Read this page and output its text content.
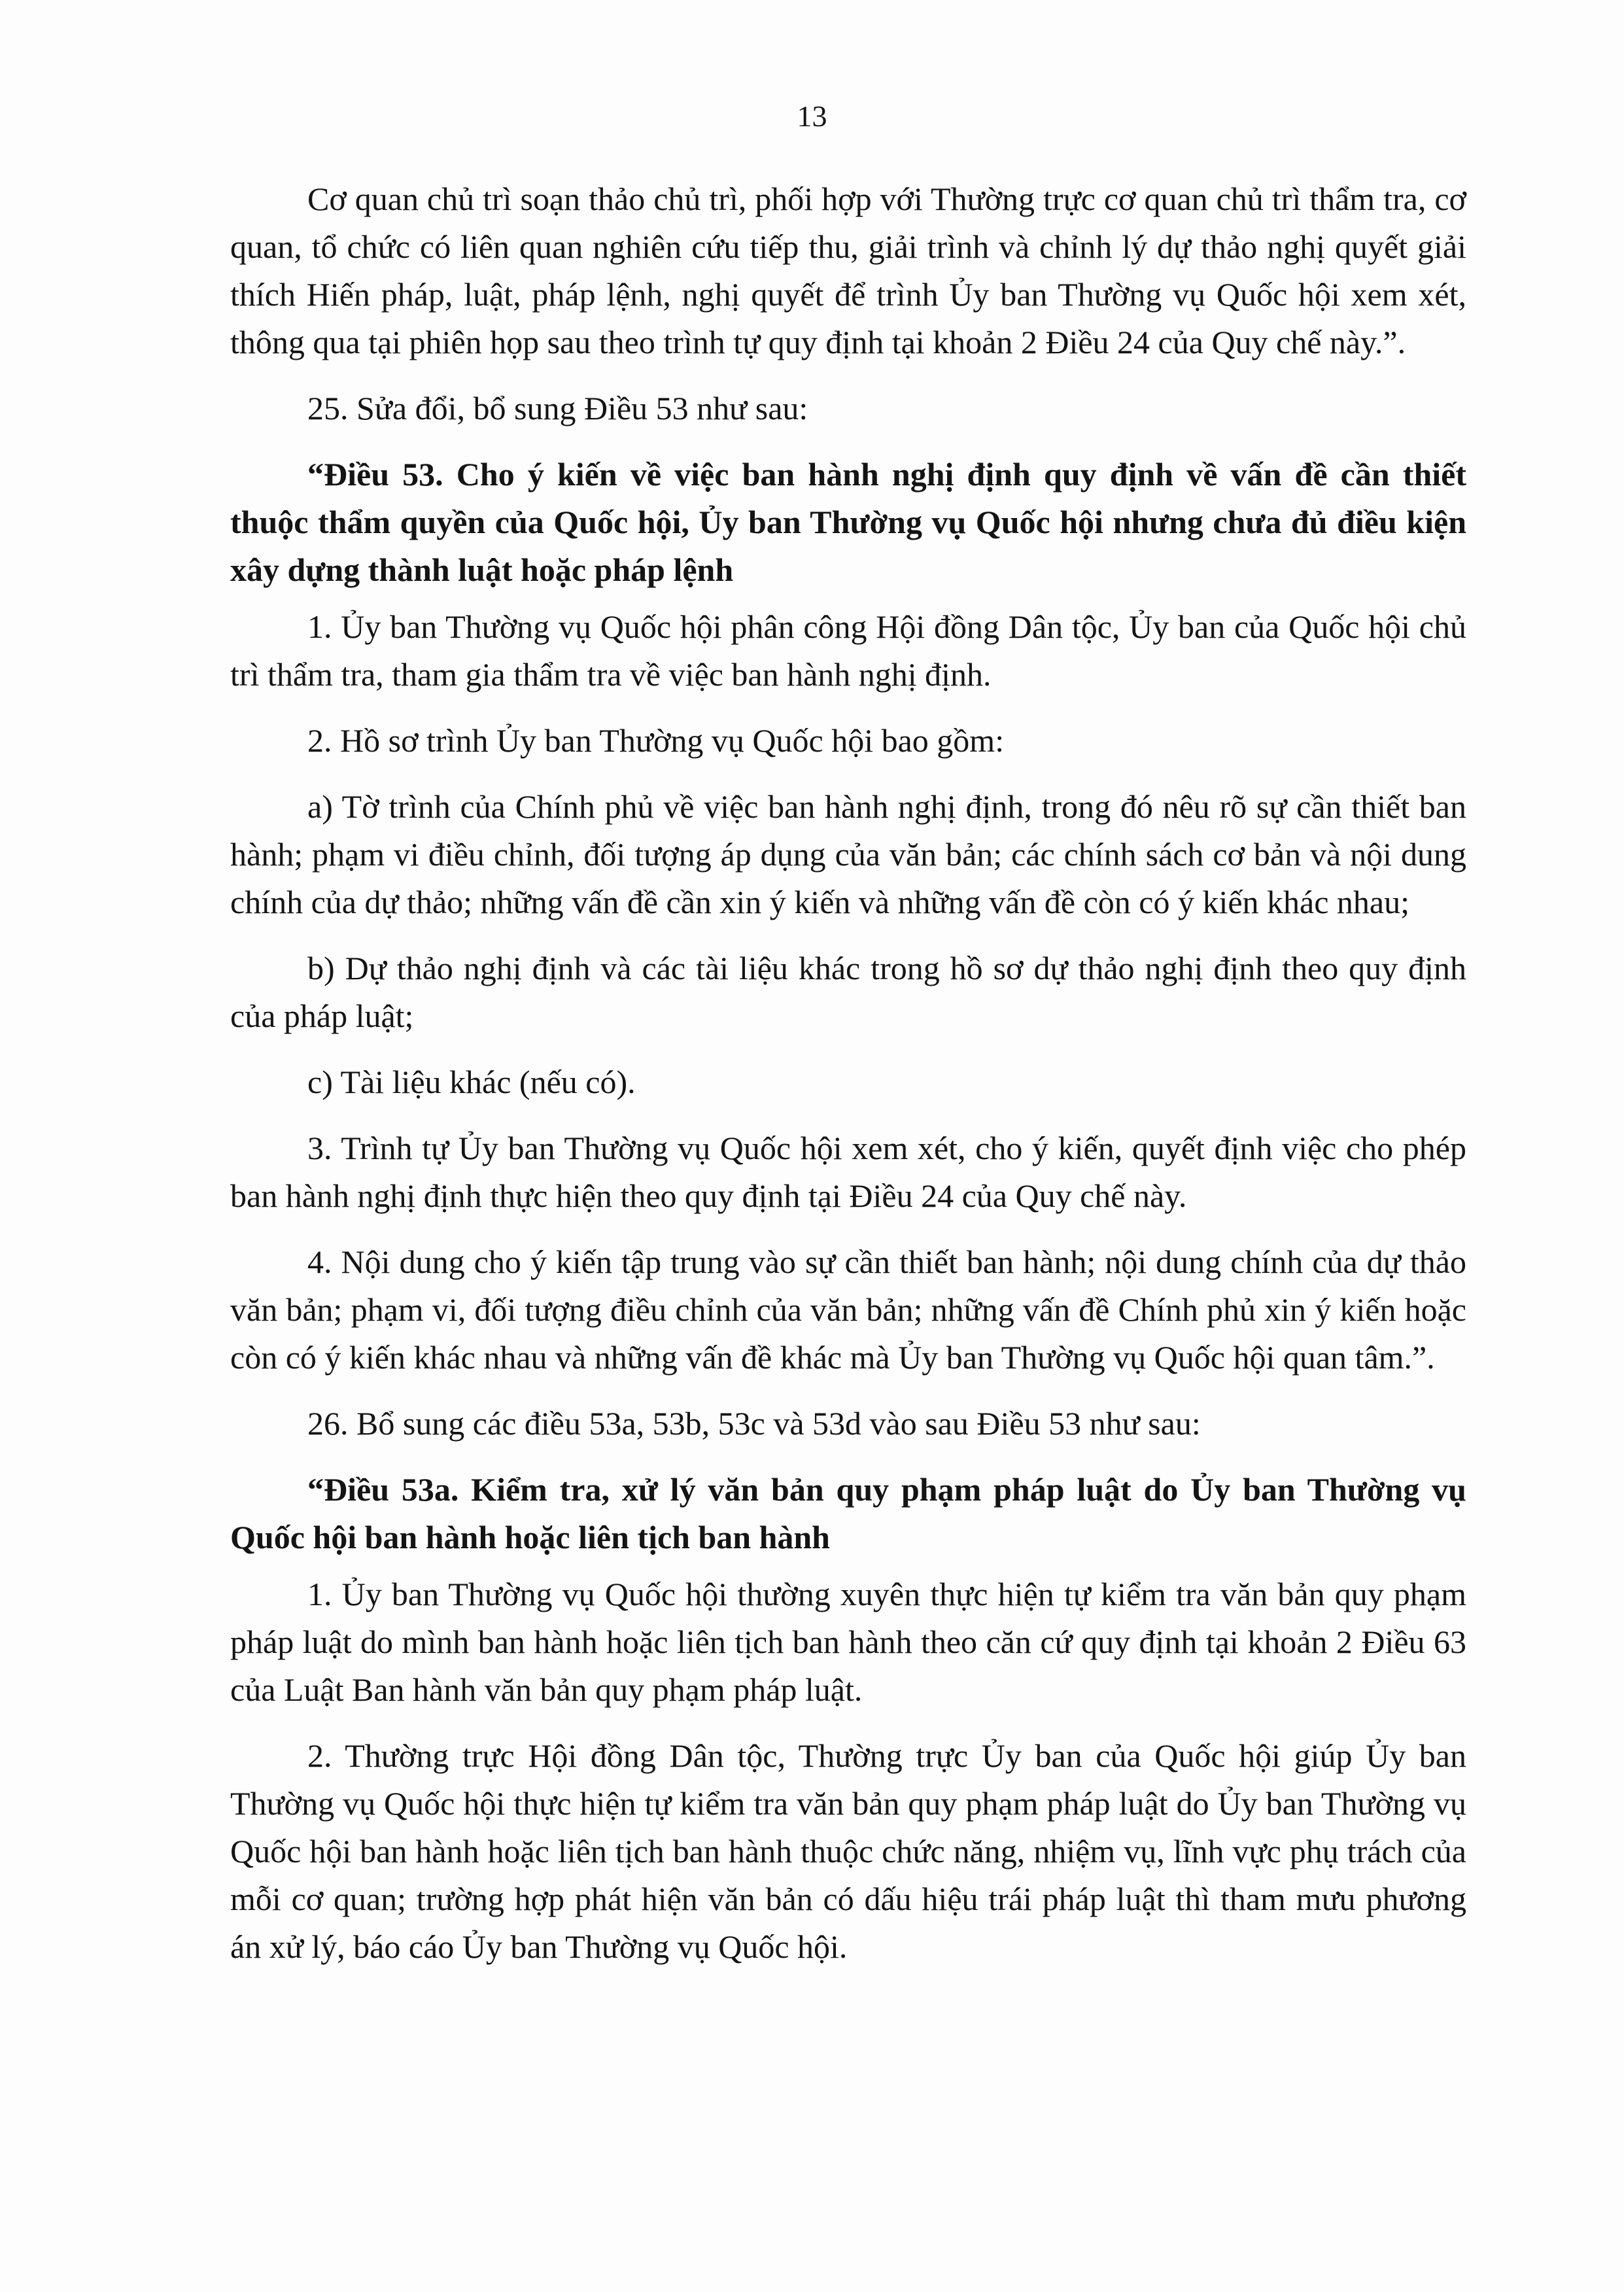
13

Cơ quan chủ trì soạn thảo chủ trì, phối hợp với Thường trực cơ quan chủ trì thẩm tra, cơ quan, tổ chức có liên quan nghiên cứu tiếp thu, giải trình và chỉnh lý dự thảo nghị quyết giải thích Hiến pháp, luật, pháp lệnh, nghị quyết để trình Ủy ban Thường vụ Quốc hội xem xét, thông qua tại phiên họp sau theo trình tự quy định tại khoản 2 Điều 24 của Quy chế này.”.

25. Sửa đổi, bổ sung Điều 53 như sau:

“Điều 53. Cho ý kiến về việc ban hành nghị định quy định về vấn đề cần thiết thuộc thẩm quyền của Quốc hội, Ủy ban Thường vụ Quốc hội nhưng chưa đủ điều kiện xây dựng thành luật hoặc pháp lệnh

1. Ủy ban Thường vụ Quốc hội phân công Hội đồng Dân tộc, Ủy ban của Quốc hội chủ trì thẩm tra, tham gia thẩm tra về việc ban hành nghị định.

2. Hồ sơ trình Ủy ban Thường vụ Quốc hội bao gồm:

a) Tờ trình của Chính phủ về việc ban hành nghị định, trong đó nêu rõ sự cần thiết ban hành; phạm vi điều chỉnh, đối tượng áp dụng của văn bản; các chính sách cơ bản và nội dung chính của dự thảo; những vấn đề cần xin ý kiến và những vấn đề còn có ý kiến khác nhau;

b) Dự thảo nghị định và các tài liệu khác trong hồ sơ dự thảo nghị định theo quy định của pháp luật;

c) Tài liệu khác (nếu có).

3. Trình tự Ủy ban Thường vụ Quốc hội xem xét, cho ý kiến, quyết định việc cho phép ban hành nghị định thực hiện theo quy định tại Điều 24 của Quy chế này.

4. Nội dung cho ý kiến tập trung vào sự cần thiết ban hành; nội dung chính của dự thảo văn bản; phạm vi, đối tượng điều chỉnh của văn bản; những vấn đề Chính phủ xin ý kiến hoặc còn có ý kiến khác nhau và những vấn đề khác mà Ủy ban Thường vụ Quốc hội quan tâm.”.

26. Bổ sung các điều 53a, 53b, 53c và 53d vào sau Điều 53 như sau:

“Điều 53a. Kiểm tra, xử lý văn bản quy phạm pháp luật do Ủy ban Thường vụ Quốc hội ban hành hoặc liên tịch ban hành

1. Ủy ban Thường vụ Quốc hội thường xuyên thực hiện tự kiểm tra văn bản quy phạm pháp luật do mình ban hành hoặc liên tịch ban hành theo căn cứ quy định tại khoản 2 Điều 63 của Luật Ban hành văn bản quy phạm pháp luật.

2. Thường trực Hội đồng Dân tộc, Thường trực Ủy ban của Quốc hội giúp Ủy ban Thường vụ Quốc hội thực hiện tự kiểm tra văn bản quy phạm pháp luật do Ủy ban Thường vụ Quốc hội ban hành hoặc liên tịch ban hành thuộc chức năng, nhiệm vụ, lĩnh vực phụ trách của mỗi cơ quan; trường hợp phát hiện văn bản có dấu hiệu trái pháp luật thì tham mưu phương án xử lý, báo cáo Ủy ban Thường vụ Quốc hội.
